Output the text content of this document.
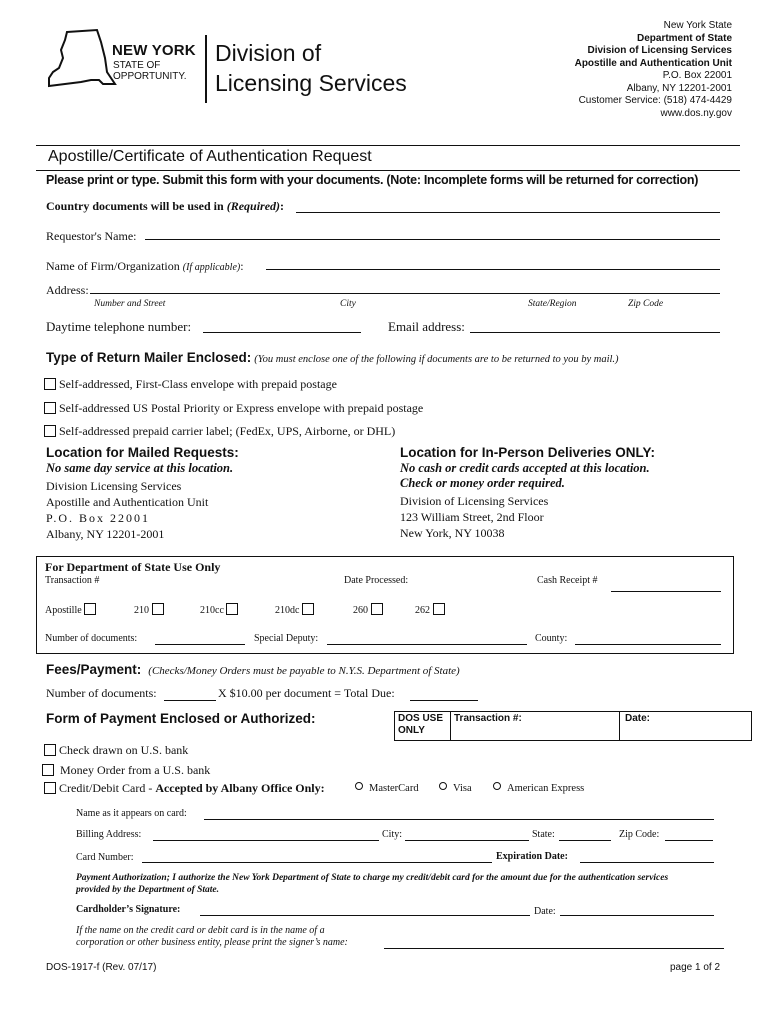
NEW YORK
STATE OF
OPPORTUNITY.
Division of
Licensing Services
New York State
Department of State
Division of Licensing Services
Apostille and Authentication Unit
P.O. Box 22001
Albany, NY 12201-2001
Customer Service: (518) 474-4429
www.dos.ny.gov
Apostille/Certificate of Authentication Request
Please print or type. Submit this form with your documents. (Note: Incomplete forms will be returned for correction)
Country documents will be used in (Required):
Requestor's Name:
Name of Firm/Organization (If applicable):
Address:
Number and Street	City	State/Region	Zip Code
Daytime telephone number:	Email address:
Type of Return Mailer Enclosed: (You must enclose one of the following if documents are to be returned to you by mail.)
Self-addressed, First-Class envelope with prepaid postage
Self-addressed US Postal Priority or Express envelope with prepaid postage
Self-addressed prepaid carrier label; (FedEx, UPS, Airborne, or DHL)
Location for Mailed Requests:
No same day service at this location.
Division Licensing Services
Apostille and Authentication Unit
P.O. Box 22001
Albany, NY 12201-2001
Location for In-Person Deliveries ONLY:
No cash or credit cards accepted at this location.
Check or money order required.
Division of Licensing Services
123 William Street, 2nd Floor
New York, NY 10038
For Department of State Use Only
Transaction #	Date Processed:	Cash Receipt #
Apostille	210	210cc	210dc	260	262
Number of documents:	Special Deputy:	County:
Fees/Payment: (Checks/Money Orders must be payable to N.Y.S. Department of State)
Number of documents:	X $10.00 per document = Total Due:
Form of Payment Enclosed or Authorized:	DOS USE ONLY
Transaction #:	Date:
Check drawn on U.S. bank
Money Order from a U.S. bank
Credit/Debit Card - Accepted by Albany Office Only:	MasterCard	Visa	American Express
Name as it appears on card:
Billing Address:	City:	State:	Zip Code:
Card Number:	Expiration Date:
Payment Authorization; I authorize the New York Department of State to charge my credit/debit card for the amount due for the authentication services provided by the Department of State.
Cardholder’s Signature:	Date:
If the name on the credit card or debit card is in the name of a
corporation or other business entity, please print the signer’s name:
DOS-1917-f (Rev. 07/17)	page 1 of 2
